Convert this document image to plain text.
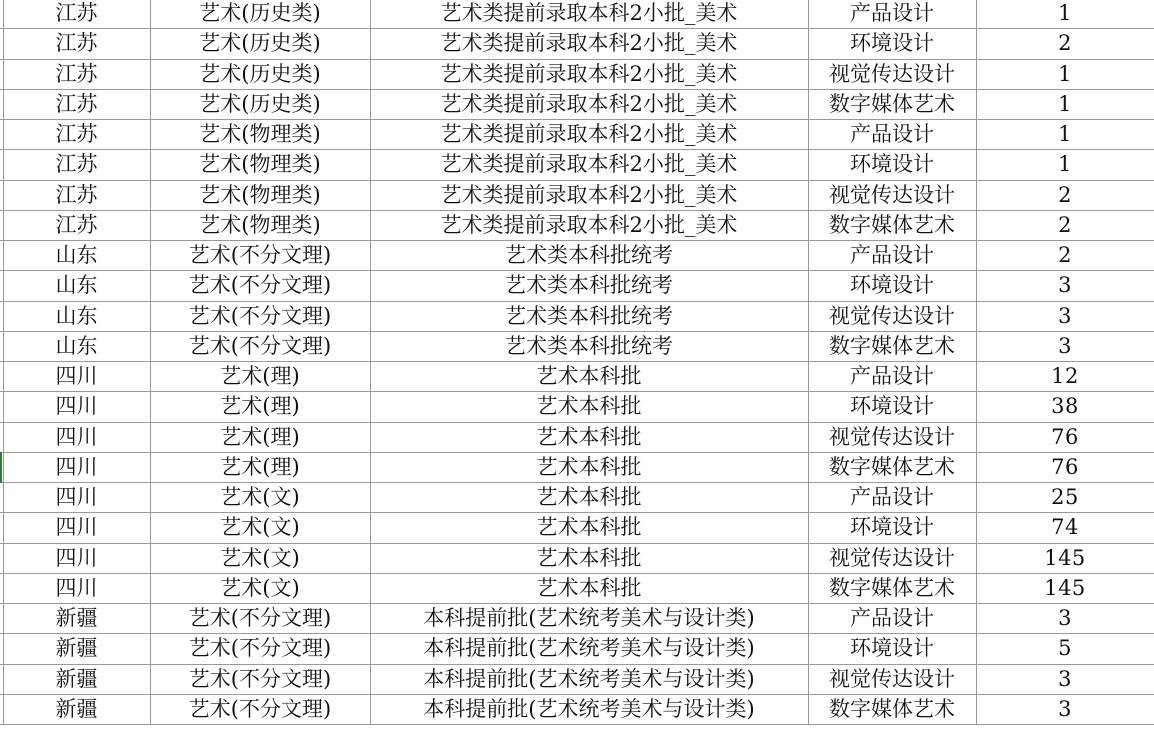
	江苏	艺术(历史类)	艺术类提前录取本科2小批_美术	产品设计	1
	江苏	艺术(历史类)	艺术类提前录取本科2小批_美术	环境设计	2
	江苏	艺术(历史类)	艺术类提前录取本科2小批_美术	视觉传达设计	1
	江苏	艺术(历史类)	艺术类提前录取本科2小批_美术	数字媒体艺术	1
	江苏	艺术(物理类)	艺术类提前录取本科2小批_美术	产品设计	1
	江苏	艺术(物理类)	艺术类提前录取本科2小批_美术	环境设计	1
	江苏	艺术(物理类)	艺术类提前录取本科2小批_美术	视觉传达设计	2
	江苏	艺术(物理类)	艺术类提前录取本科2小批_美术	数字媒体艺术	2
	山东	艺术(不分文理)	艺术类本科批统考	产品设计	2
	山东	艺术(不分文理)	艺术类本科批统考	环境设计	3
	山东	艺术(不分文理)	艺术类本科批统考	视觉传达设计	3
	山东	艺术(不分文理)	艺术类本科批统考	数字媒体艺术	3
	四川	艺术(理)	艺术本科批	产品设计	12
	四川	艺术(理)	艺术本科批	环境设计	38
	四川	艺术(理)	艺术本科批	视觉传达设计	76
	四川	艺术(理)	艺术本科批	数字媒体艺术	76
	四川	艺术(文)	艺术本科批	产品设计	25
	四川	艺术(文)	艺术本科批	环境设计	74
	四川	艺术(文)	艺术本科批	视觉传达设计	145
	四川	艺术(文)	艺术本科批	数字媒体艺术	145
	新疆	艺术(不分文理)	本科提前批(艺术统考美术与设计类)	产品设计	3
	新疆	艺术(不分文理)	本科提前批(艺术统考美术与设计类)	环境设计	5
	新疆	艺术(不分文理)	本科提前批(艺术统考美术与设计类)	视觉传达设计	3
	新疆	艺术(不分文理)	本科提前批(艺术统考美术与设计类)	数字媒体艺术	3
